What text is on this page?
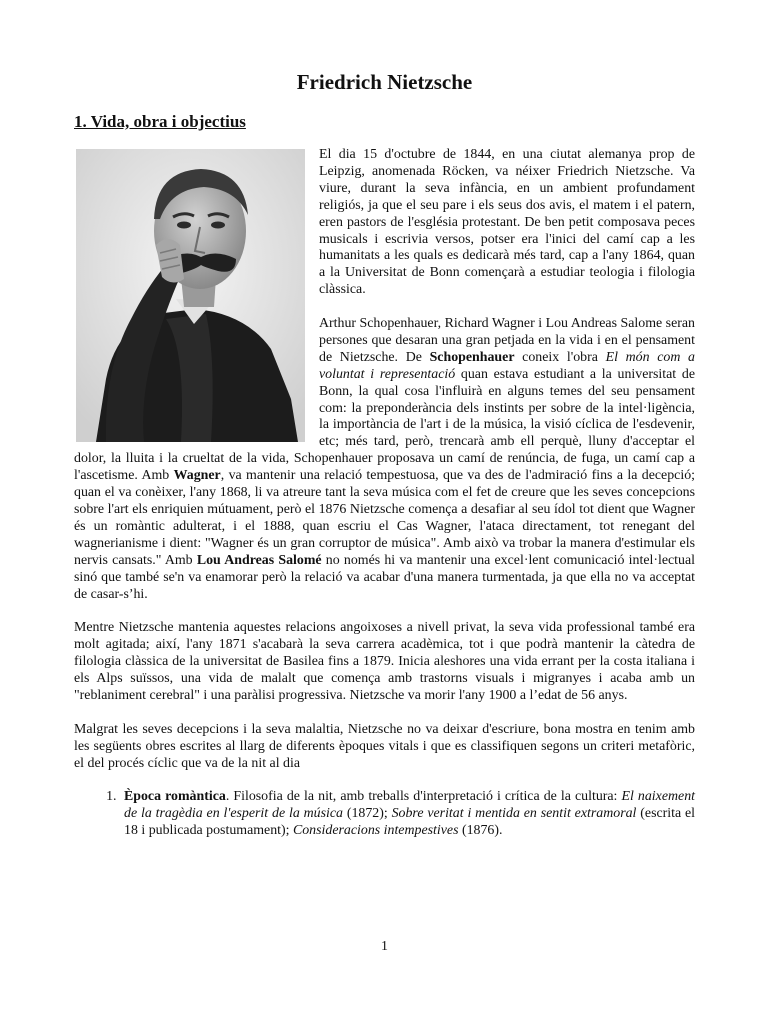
Friedrich Nietzsche
1. Vida, obra i objectius

El dia 15 d'octubre de 1844, en una ciutat alemanya prop de Leipzig, anomenada Röcken, va néixer Friedrich Nietzsche. Va viure, durant la seva infància, en un ambient profundament religiós, ja que el seu pare i els seus dos avis, el matem i el patern, eren pastors de l'església protestant. De ben petit composava peces musicals i escrivia versos, potser era l'inici del camí cap a les humanitats a les quals es dedicarà més tard, cap a l'any 1864, quan a la Universitat de Bonn començarà a estudiar teologia i filologia clàssica.

Arthur Schopenhauer, Richard Wagner i Lou Andreas Salome seran persones que desaran una gran petjada en la vida i en el pensament de Nietzsche. De Schopenhauer coneix l'obra El món com a voluntat i representació quan estava estudiant a la universitat de Bonn, la qual cosa l'influirà en alguns temes del seu pensament com: la preponderància dels instints per sobre de la intel·ligència, la importància de l'art i de la música, la visió cíclica de l'esdevenir, etc; més tard, però, trencarà amb ell perquè, lluny d'acceptar el dolor, la lluita i la crueltat de la vida, Schopenhauer proposava un camí de renúncia, de fuga, un camí cap a l'ascetisme. Amb Wagner, va mantenir una relació tempestuosa, que va des de l'admiració fins a la decepció; quan el va conèixer, l'any 1868, li va atreure tant la seva música com el fet de creure que les seves concepcions sobre l'art els enriquien mútuament, però el 1876 Nietzsche comença a desafiar al seu ídol tot dient que Wagner és un romàntic adulterat, i el 1888, quan escriu el Cas Wagner, l'ataca directament, tot renegant del wagnerianisme i dient: "Wagner és un gran corruptor de música". Amb això va trobar la manera d'estimular els nervis cansats." Amb Lou Andreas Salomé no només hi va mantenir una excel·lent comunicació intel·lectual sinó que també se'n va enamorar però la relació va acabar d'una manera turmentada, ja que ella no va acceptat de casar-s’hi.

Mentre Nietzsche mantenia aquestes relacions angoixoses a nivell privat, la seva vida professional també era molt agitada; així, l'any 1871 s'acabarà la seva carrera acadèmica, tot i que podrà mantenir la càtedra de filologia clàssica de la universitat de Basilea fins a 1879. Inicia aleshores una vida errant per la costa italiana i els Alps suïssos, una vida de malalt que comença amb trastorns visuals i migranyes i acaba amb un "reblaniment cerebral" i una paràlisi progressiva. Nietzsche va morir l'any 1900 a l’edat de 56 anys.

Malgrat les seves decepcions i la seva malaltia, Nietzsche no va deixar d'escriure, bona mostra en tenim amb les següents obres escrites al llarg de diferents èpoques vitals i que es classifiquen segons un criteri metafòric, el del procés cíclic que va de la nit al dia

1. Època romàntica. Filosofia de la nit, amb treballs d'interpretació i crítica de la cultura: El naixement de la tragèdia en l'esperit de la música (1872); Sobre veritat i mentida en sentit extramoral (escrita el 18 i publicada postumament); Consideracions intempestives (1876).
1
